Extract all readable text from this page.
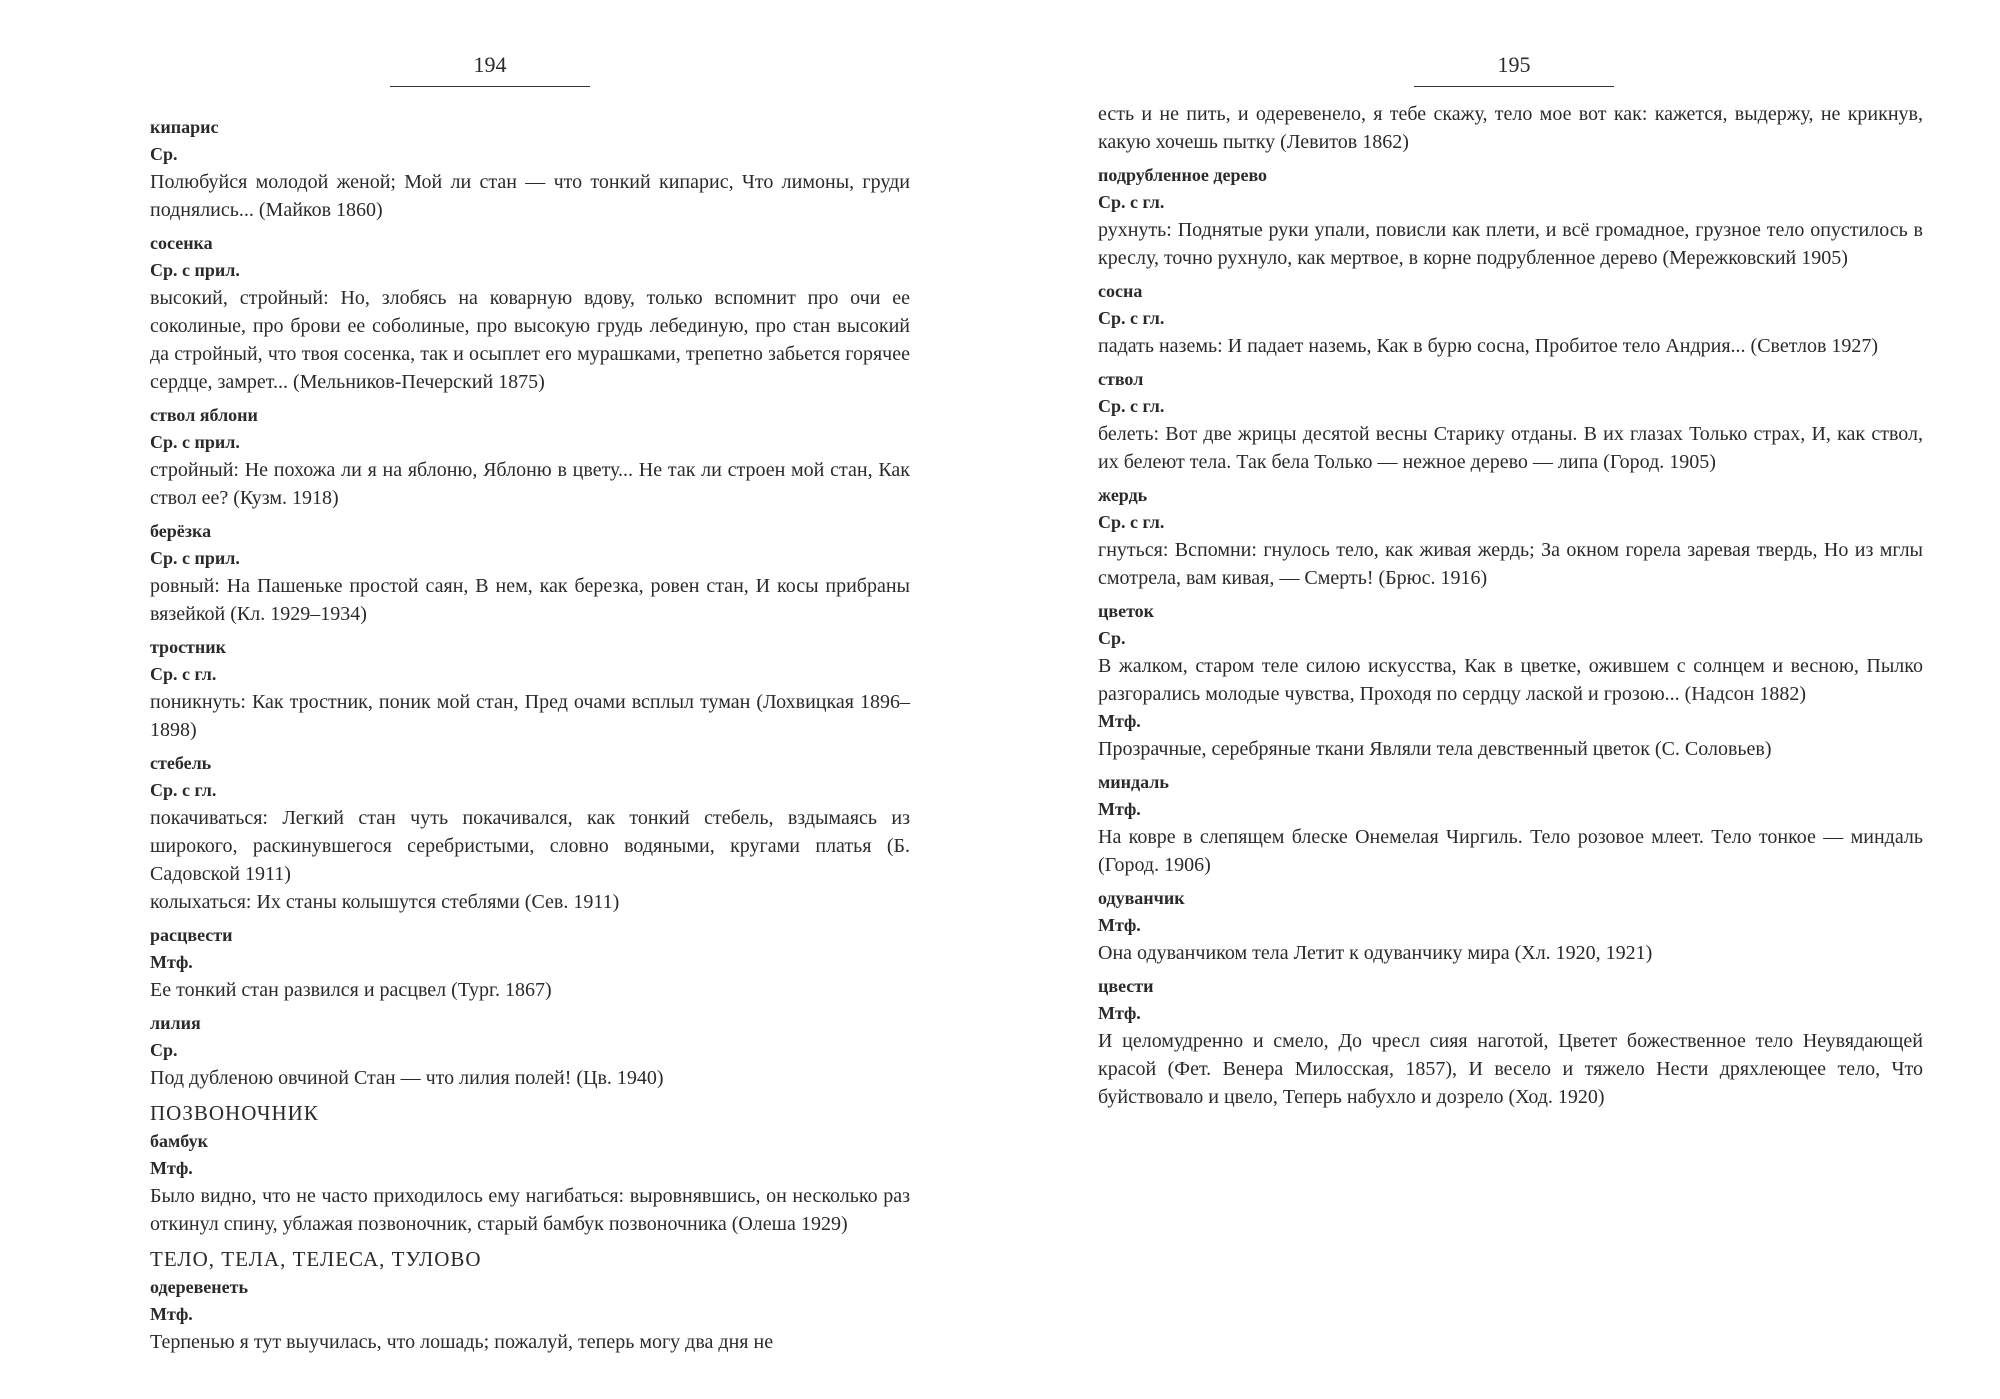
194
кипарис
Ср.
Полюбуйся молодой женой; Мой ли стан — что тонкий кипарис, Что лимоны, груди поднялись... (Майков 1860)
сосенка
Ср. с прил.
высокий, стройный: Но, злобясь на коварную вдову, только вспомнит про очи ее соколиные, про брови ее соболиные, про высокую грудь лебединую, про стан высокий да стройный, что твоя сосенка, так и осыплет его мурашками, трепетно забьется горячее сердце, замрет... (Мельников-Печерский 1875)
ствол яблони
Ср. с прил.
стройный: Не похожа ли я на яблоню, Яблоню в цвету... Не так ли строен мой стан, Как ствол ее? (Кузм. 1918)
берёзка
Ср. с прил.
ровный: На Пашеньке простой саян, В нем, как березка, ровен стан, И косы прибраны вязейкой (Кл. 1929–1934)
тростник
Ср. с гл.
поникнуть: Как тростник, поник мой стан, Пред очами всплыл туман (Лохвицкая 1896–1898)
стебель
Ср. с гл.
покачиваться: Легкий стан чуть покачивался, как тонкий стебель, вздымаясь из широкого, раскинувшегося серебристыми, словно водяными, кругами платья (Б. Садовской 1911)
колыхаться: Их станы колышутся стеблями (Сев. 1911)
расцвести
Мтф.
Ее тонкий стан развился и расцвел (Тург. 1867)
лилия
Ср.
Под дубленою овчиной Стан — что лилия полей! (Цв. 1940)
ПОЗВОНОЧНИК
бамбук
Мтф.
Было видно, что не часто приходилось ему нагибаться: выровнявшись, он несколько раз откинул спину, ублажая позвоночник, старый бамбук позвоночника (Олеша 1929)
ТЕЛО, ТЕЛА, ТЕЛЕСА, ТУЛОВО
одеревенеть
Мтф.
Терпенью я тут выучилась, что лошадь; пожалуй, теперь могу два дня не
195
есть и не пить, и одеревенело, я тебе скажу, тело мое вот как: кажется, выдержу, не крикнув, какую хочешь пытку (Левитов 1862)
подрубленное дерево
Ср. с гл.
рухнуть: Поднятые руки упали, повисли как плети, и всё громадное, грузное тело опустилось в креслу, точно рухнуло, как мертвое, в корне подрубленное дерево (Мережковский 1905)
сосна
Ср. с гл.
падать наземь: И падает наземь, Как в бурю сосна, Пробитое тело Андрия... (Светлов 1927)
ствол
Ср. с гл.
белеть: Вот две жрицы десятой весны Старику отданы. В их глазах Только страх, И, как ствол, их белеют тела. Так бела Только — нежное дерево — липа (Город. 1905)
жердь
Ср. с гл.
гнуться: Вспомни: гнулось тело, как живая жердь; За окном горела заревая твердь, Но из мглы смотрела, вам кивая, — Смерть! (Брюс. 1916)
цветок
Ср.
В жалком, старом теле силою искусства, Как в цветке, ожившем с солнцем и весною, Пылко разгорались молодые чувства, Проходя по сердцу лаской и грозою... (Надсон 1882)
Мтф.
Прозрачные, серебряные ткани Являли тела девственный цветок (С. Соловьев)
миндаль
Мтф.
На ковре в слепящем блеске Онемелая Чиргиль. Тело розовое млеет. Тело тонкое — миндаль (Город. 1906)
одуванчик
Мтф.
Она одуванчиком тела Летит к одуванчику мира (Хл. 1920, 1921)
цвести
Мтф.
И целомудренно и смело, До чресл сияя наготой, Цветет божественное тело Неувядающей красой (Фет. Венера Милосская, 1857), И весело и тяжело Нести дряхлеющее тело, Что буйствовало и цвело, Теперь набухло и дозрело (Ход. 1920)
